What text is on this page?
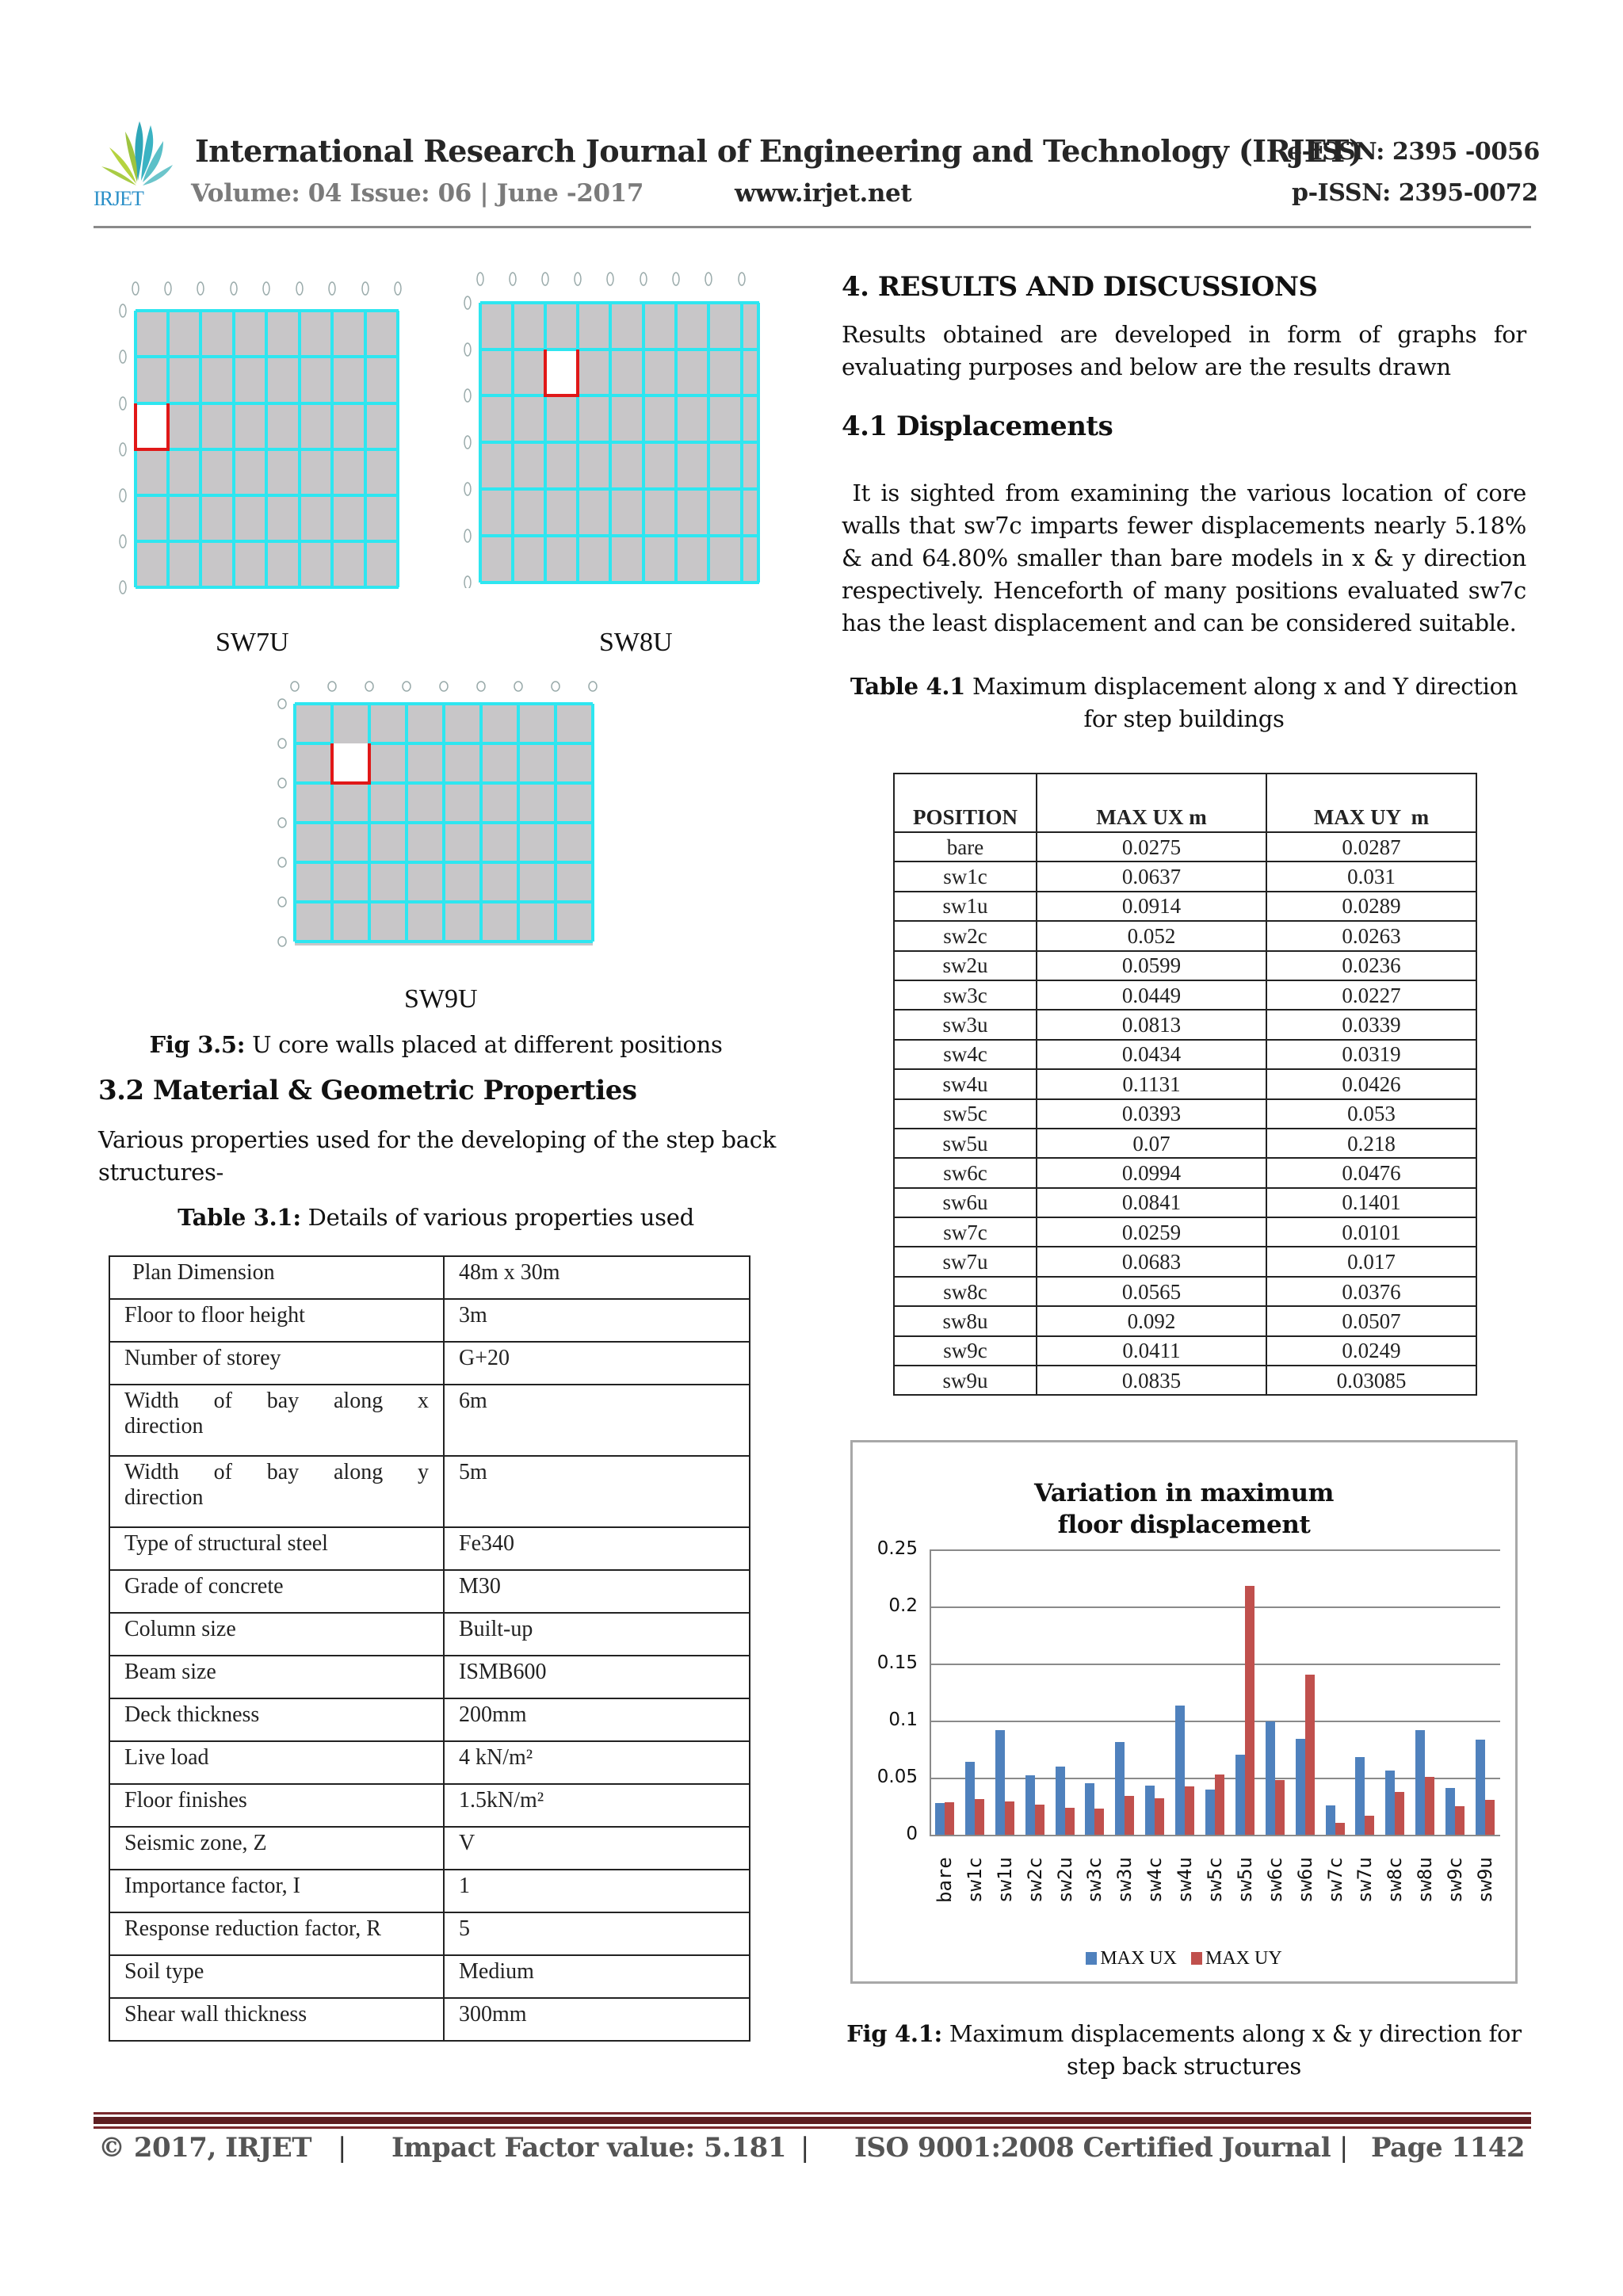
IRJET
International Research Journal of Engineering and Technology (IRJET)
e-ISSN: 2395 -0056
Volume: 04 Issue: 06 | June -2017	www.irjet.net	p-ISSN: 2395-0072
SW7U	SW8U
SW9U
Fig 3.5: U core walls placed at different positions
3.2 Material & Geometric Properties
Various properties used for the developing of the step back structures-
Table 3.1: Details of various properties used
Plan Dimension	48m x 30m
Floor to floor height	3m
Number of storey	G+20
Width of bay along x direction	6m
Width of bay along y direction	5m
Type of structural steel	Fe340
Grade of concrete	M30
Column size	Built-up
Beam size	ISMB600
Deck thickness	200mm
Live load	4 kN/m²
Floor finishes	1.5kN/m²
Seismic zone, Z	V
Importance factor, I	1
Response reduction factor, R	5
Soil type	Medium
Shear wall thickness	300mm
4. RESULTS AND DISCUSSIONS
Results obtained are developed in form of graphs for evaluating purposes and below are the results drawn
4.1 Displacements
It is sighted from examining the various location of core walls that sw7c imparts fewer displacements nearly 5.18% & and 64.80% smaller than bare models in x & y direction respectively. Henceforth of many positions evaluated sw7c has the least displacement and can be considered suitable.
Table 4.1 Maximum displacement along x and Y direction for step buildings
POSITION	MAX UX m	MAX UY  m
bare	0.0275	0.0287
sw1c	0.0637	0.031
sw1u	0.0914	0.0289
sw2c	0.052	0.0263
sw2u	0.0599	0.0236
sw3c	0.0449	0.0227
sw3u	0.0813	0.0339
sw4c	0.0434	0.0319
sw4u	0.1131	0.0426
sw5c	0.0393	0.053
sw5u	0.07	0.218
sw6c	0.0994	0.0476
sw6u	0.0841	0.1401
sw7c	0.0259	0.0101
sw7u	0.0683	0.017
sw8c	0.0565	0.0376
sw8u	0.092	0.0507
sw9c	0.0411	0.0249
sw9u	0.0835	0.03085
Variation in maximum floor displacement
0
0.05
0.1
0.15
0.2
0.25
bare sw1c sw1u sw2c sw2u sw3c sw3u sw4c sw4u sw5c sw5u sw6c sw6u sw7c sw7u sw8c sw8u sw9c sw9u
MAX UX MAX UY
Fig 4.1: Maximum displacements along x & y direction for step back structures
© 2017, IRJET | Impact Factor value: 5.181 | ISO 9001:2008 Certified Journal | Page 1142
